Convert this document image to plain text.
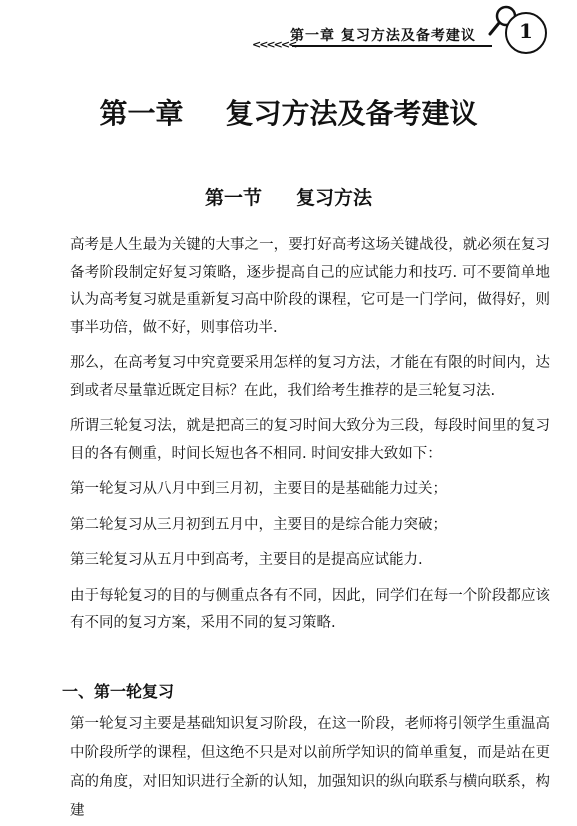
<<<<<<
第一章 复习方法及备考建议	1
第一章 复习方法及备考建议
第一节 复习方法

高考是人生最为关键的大事之一，要打好高考这场关键战役，就必须在复习备考阶段制定好复习策略，逐步提高自己的应试能力和技巧. 可不要简单地认为高考复习就是重新复习高中阶段的课程，它可是一门学问，做得好，则事半功倍，做不好，则事倍功半.

那么，在高考复习中究竟要采用怎样的复习方法，才能在有限的时间内，达到或者尽量靠近既定目标？在此，我们给考生推荐的是三轮复习法.

所谓三轮复习法，就是把高三的复习时间大致分为三段，每段时间里的复习目的各有侧重，时间长短也各不相同. 时间安排大致如下：

第一轮复习从八月中到三月初，主要目的是基础能力过关；

第二轮复习从三月初到五月中，主要目的是综合能力突破；

第三轮复习从五月中到高考，主要目的是提高应试能力.

由于每轮复习的目的与侧重点各有不同，因此，同学们在每一个阶段都应该有不同的复习方案，采用不同的复习策略.

一、第一轮复习

第一轮复习主要是基础知识复习阶段，在这一阶段，老师将引领学生重温高中阶段所学的课程，但这绝不只是对以前所学知识的简单重复，而是站在更高的角度，对旧知识进行全新的认知，加强知识的纵向联系与横向联系，构建
